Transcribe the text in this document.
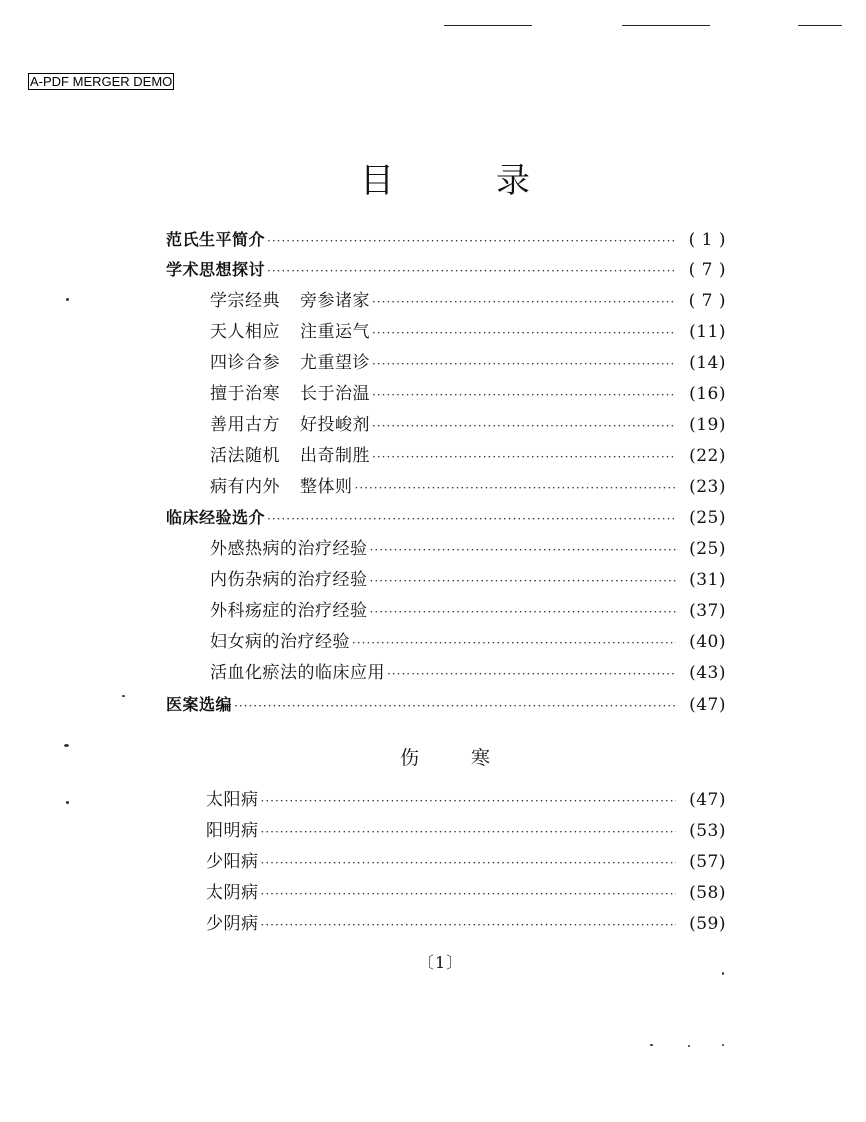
A-PDF MERGER DEMO
目	录
范氏生平简介 ·····	( 1 )
学术思想探讨 ·····	( 7 )
学宗经典 旁参诸家 ·····	( 7 )
天人相应 注重运气 ·····	(11)
四诊合参 尤重望诊 ·····	(14)
擅于治寒 长于治温 ·····	(16)
善用古方 好投峻剂 ·····	(19)
活法随机 出奇制胜 ·····	(22)
病有内外 整体则 ·····	(23)
临床经验选介 ·····	(25)
外感热病的治疗经验 ·····	(25)
内伤杂病的治疗经验 ·····	(31)
外科疡症的治疗经验 ·····	(37)
妇女病的治疗经验 ·····	(40)
活血化瘀法的临床应用 ·····	(43)
医案选编 ·····	(47)
伤	寒
太阳病 ·····	(47)
阳明病 ·····	(53)
少阳病 ·····	(57)
太阴病 ·····	(58)
少阴病 ·····	(59)
〔1〕
